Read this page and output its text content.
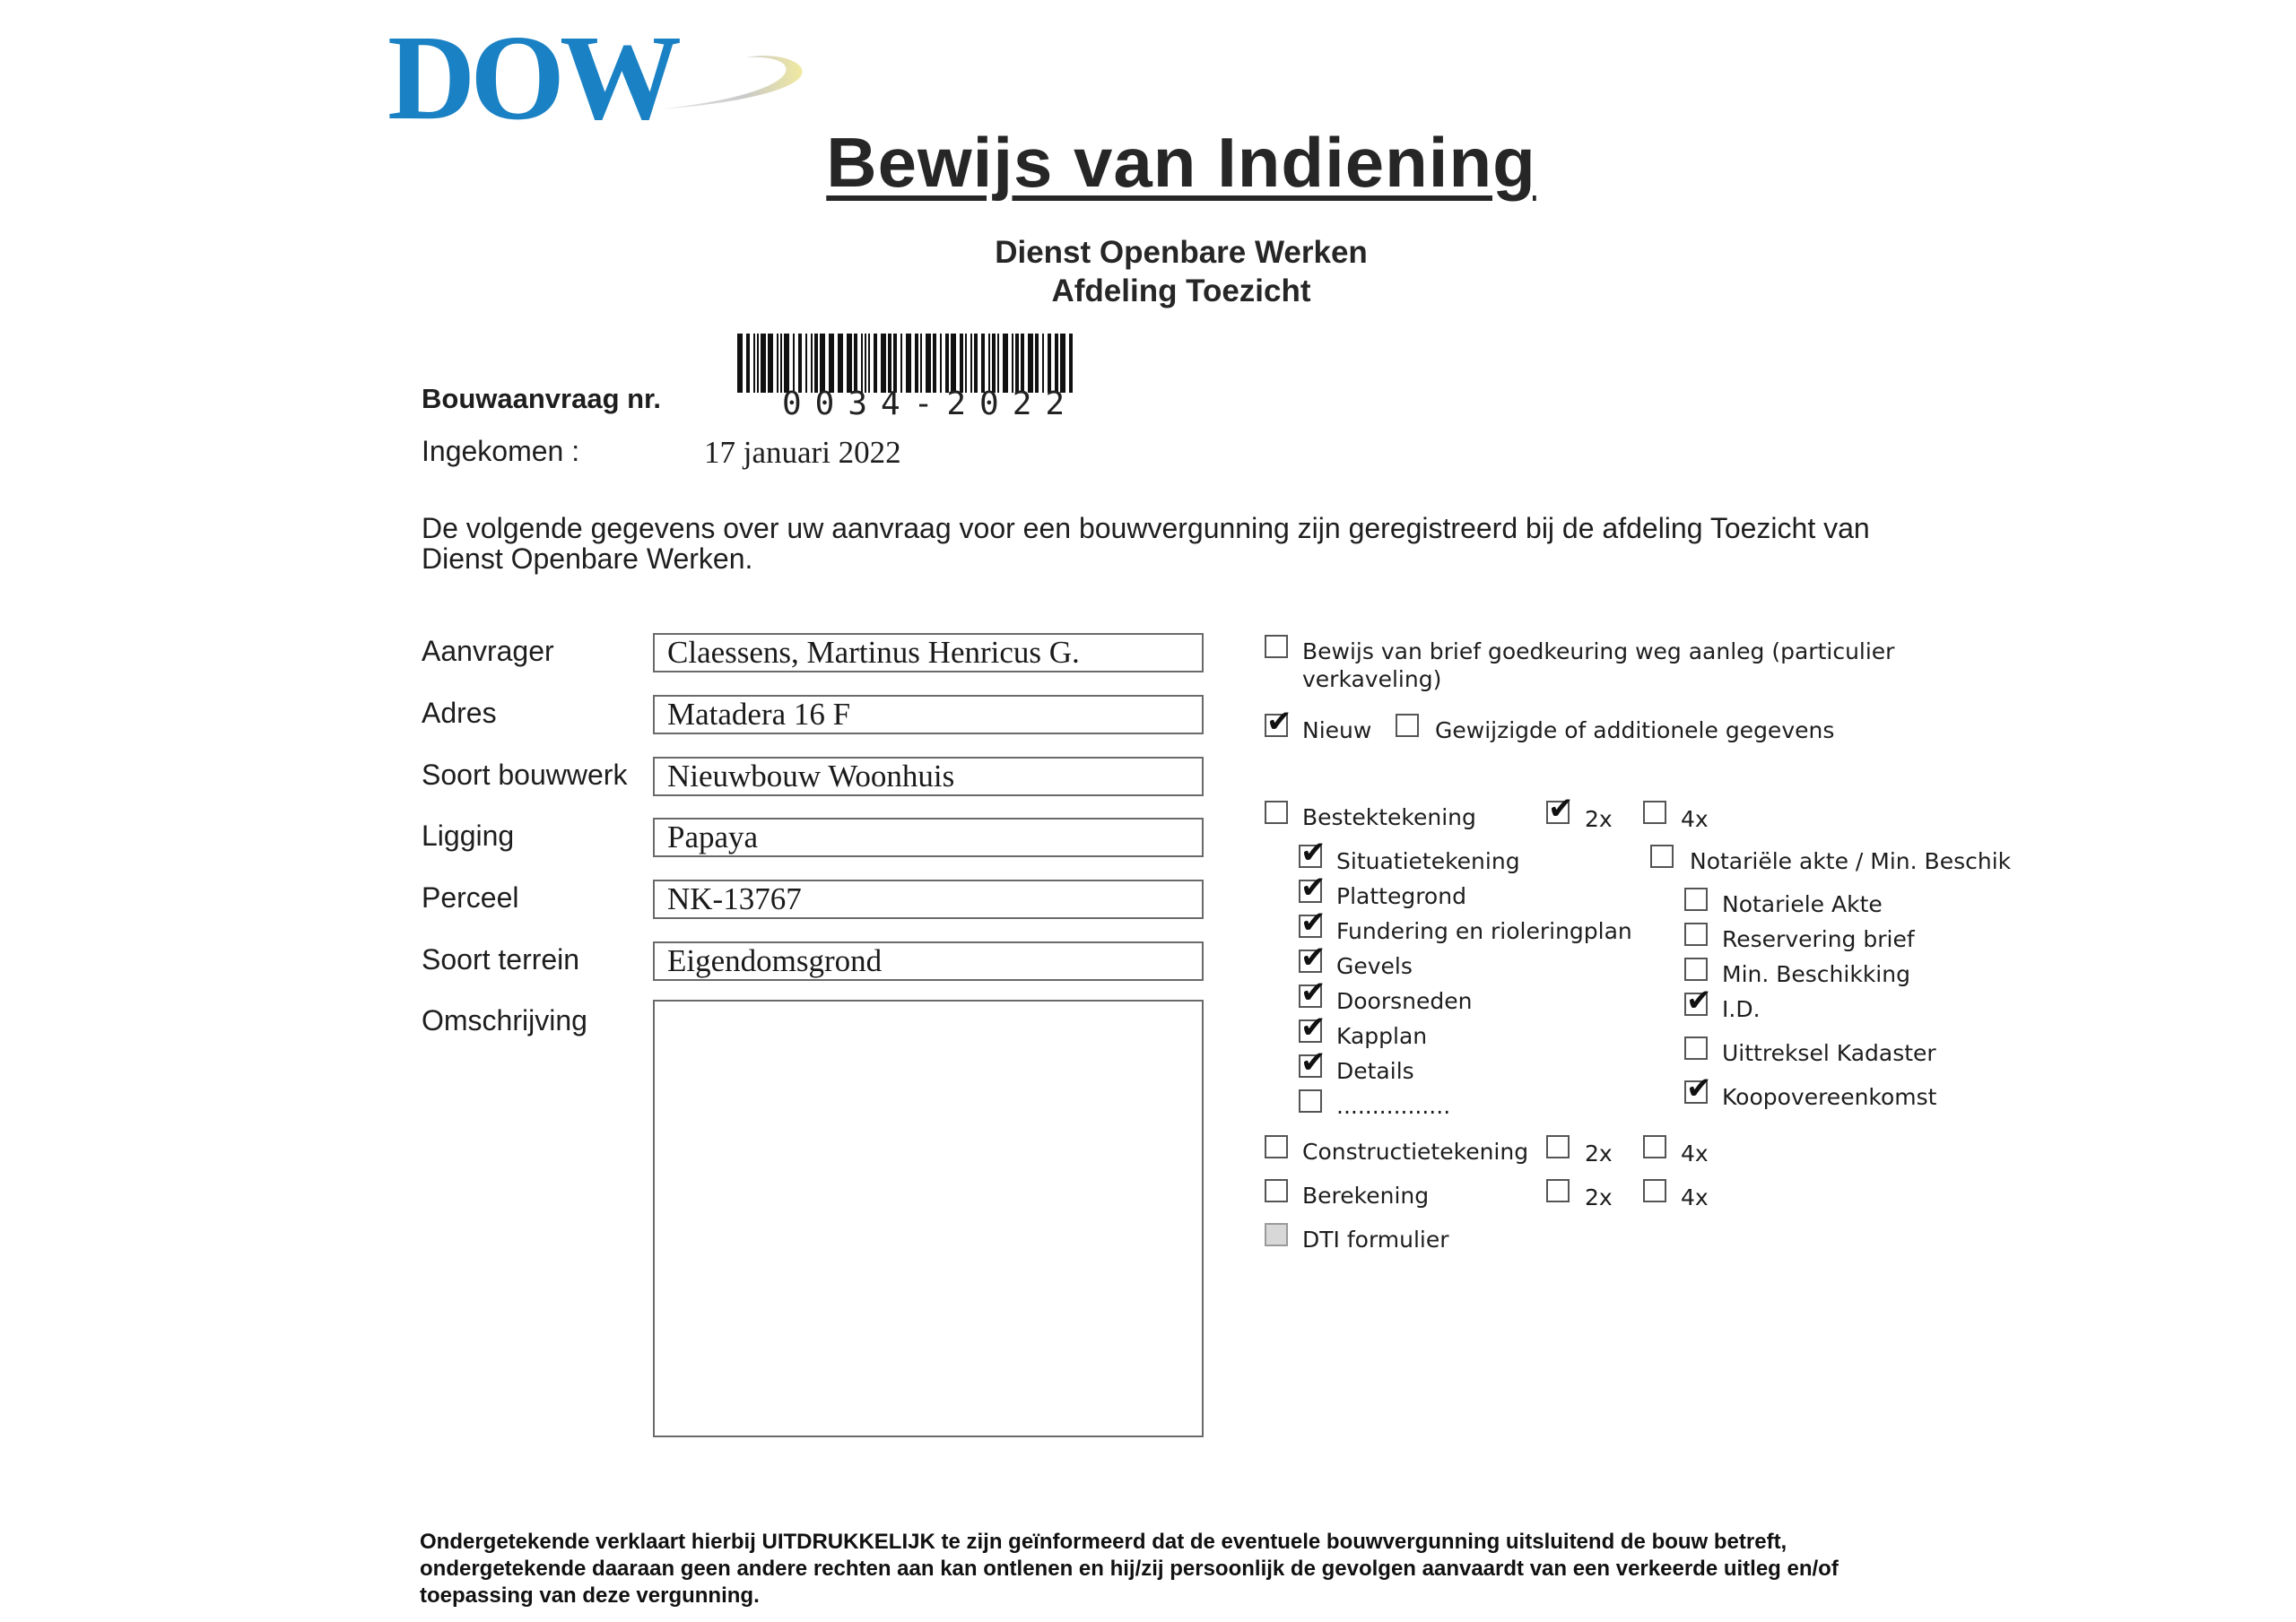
DOW
Bewijs van Indiening
Dienst Openbare Werken
Afdeling Toezicht
Bouwaanvraag nr.	0034-2022
Ingekomen :	17 januari 2022
De volgende gegevens over uw aanvraag voor een bouwvergunning zijn geregistreerd bij de afdeling Toezicht van Dienst Openbare Werken.
Aanvrager	Claessens, Martinus Henricus G.
Adres	Matadera 16 F
Soort bouwwerk	Nieuwbouw Woonhuis
Ligging	Papaya
Perceel	NK-13767
Soort terrein	Eigendomsgrond
Omschrijving
Bewijs van brief goedkeuring weg aanleg (particulier
verkaveling)
✔
Nieuw	Gewijzigde of additionele gegevens
Bestektekening
✔	2x	4x
✔
Situatietekening
✔
Plattegrond
✔
Fundering en rioleringplan
✔
Gevels
✔
Doorsneden
✔
Kapplan
✔
Details
................
Notariële akte / Min. Beschik
Notariele Akte
Reservering brief
Min. Beschikking
✔
I.D.
Uittreksel Kadaster
✔
Koopovereenkomst
Constructietekening	2x	4x
Berekening	2x	4x
DTI formulier
Ondergetekende verklaart hierbij UITDRUKKELIJK te zijn geïnformeerd dat de eventuele bouwvergunning uitsluitend de bouw betreft, ondergetekende daaraan geen andere rechten aan kan ontlenen en hij/zij persoonlijk de gevolgen aanvaardt van een verkeerde uitleg en/of toepassing van deze vergunning.
